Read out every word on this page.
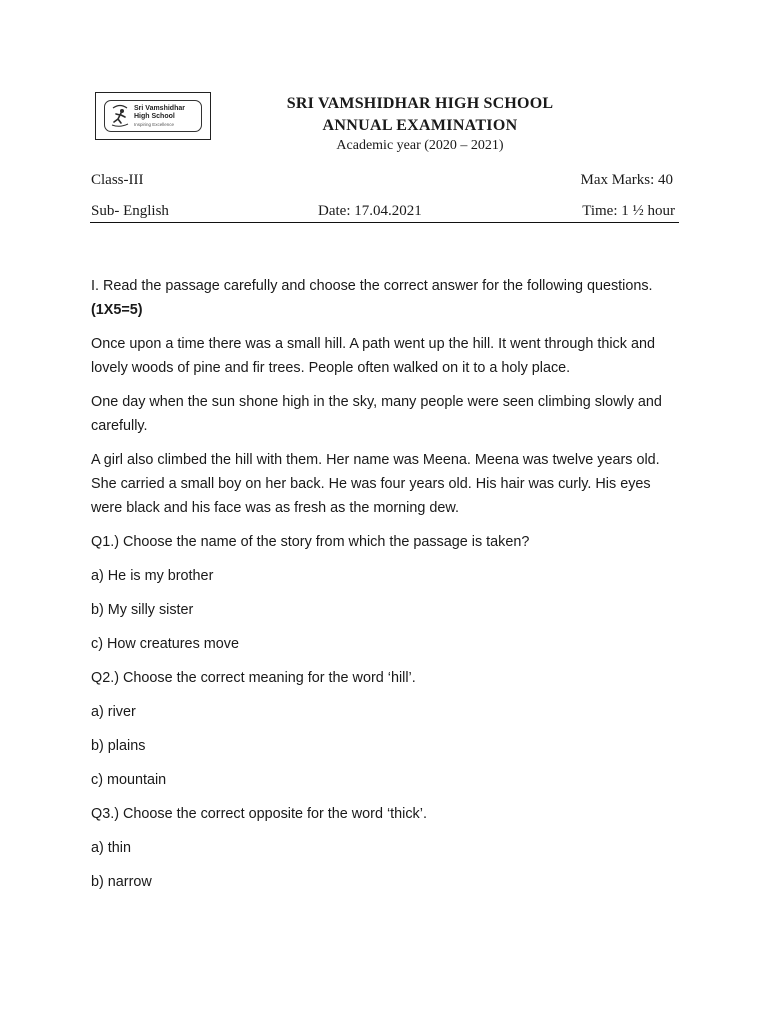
Sri Vamshidhar
High School
Inspiring Excellence
SRI VAMSHIDHAR HIGH SCHOOL
ANNUAL EXAMINATION
Academic year (2020 – 2021)
Class-III	Max Marks: 40
Sub- English	Date: 17.04.2021	Time: 1 ½ hour

I. Read the passage carefully and choose the correct answer for the following questions. (1X5=5)

Once upon a time there was a small hill. A path went up the hill. It went through thick and lovely woods of pine and fir trees. People often walked on it to a holy place.

One day when the sun shone high in the sky, many people were seen climbing slowly and carefully.

A girl also climbed the hill with them. Her name was Meena. Meena was twelve years old. She carried a small boy on her back. He was four years old. His hair was curly. His eyes were black and his face was as fresh as the morning dew.

Q1.) Choose the name of the story from which the passage is taken?

a) He is my brother

b) My silly sister

c) How creatures move

Q2.) Choose the correct meaning for the word ‘hill’.

a) river

b) plains

c) mountain

Q3.) Choose the correct opposite for the word ‘thick’.

a) thin

b) narrow
